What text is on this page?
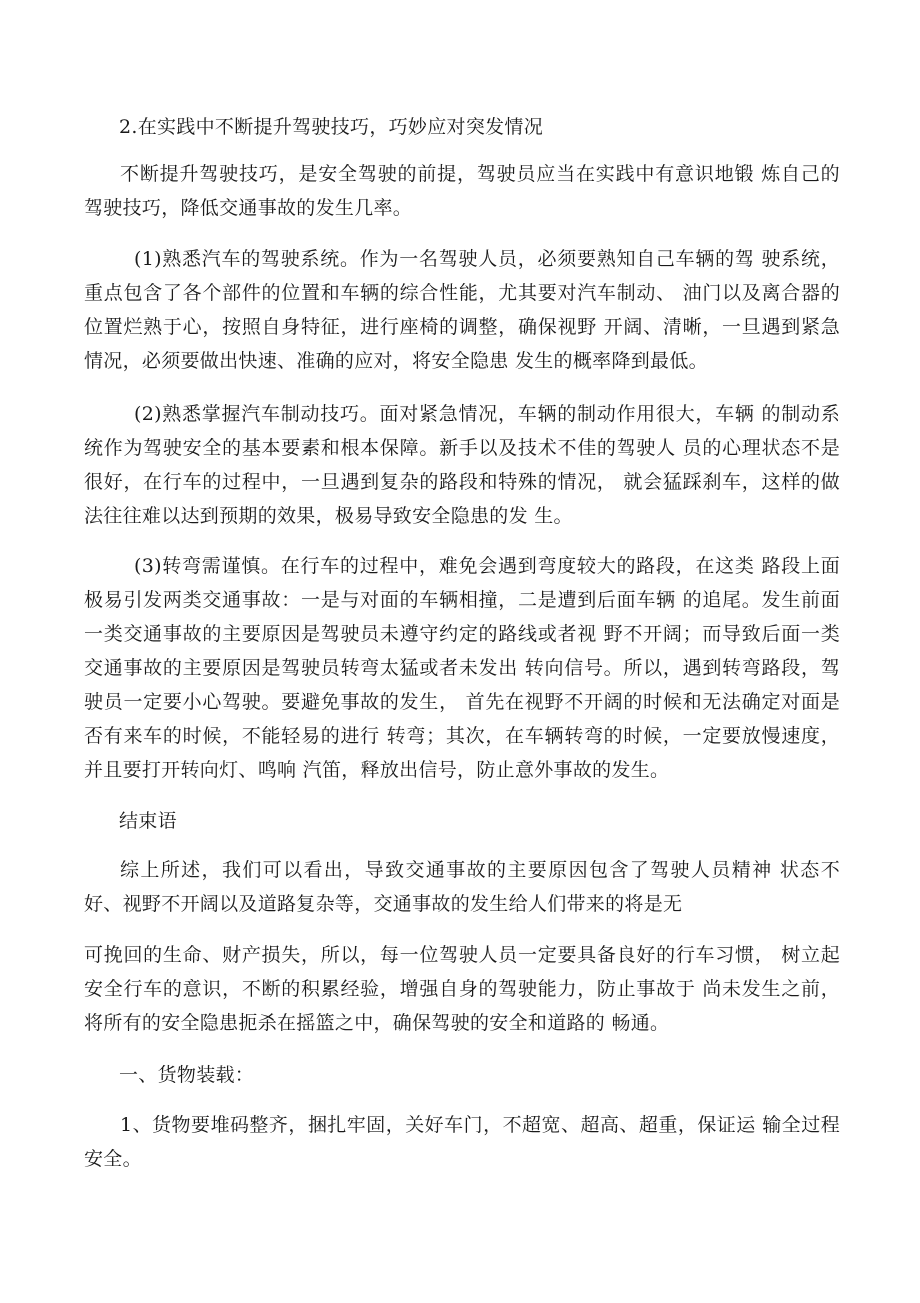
2.在实践中不断提升驾驶技巧，巧妙应对突发情况

不断提升驾驶技巧，是安全驾驶的前提，驾驶员应当在实践中有意识地锻 炼自己的驾驶技巧，降低交通事故的发生几率。

(1)熟悉汽车的驾驶系统。作为一名驾驶人员，必须要熟知自己车辆的驾 驶系统，重点包含了各个部件的位置和车辆的综合性能，尤其要对汽车制动、 油门以及离合器的位置烂熟于心，按照自身特征，进行座椅的调整，确保视野 开阔、清晰，一旦遇到紧急情况，必须要做出快速、准确的应对，将安全隐患 发生的概率降到最低。

(2)熟悉掌握汽车制动技巧。面对紧急情况，车辆的制动作用很大，车辆 的制动系统作为驾驶安全的基本要素和根本保障。新手以及技术不佳的驾驶人 员的心理状态不是很好，在行车的过程中，一旦遇到复杂的路段和特殊的情况， 就会猛踩刹车，这样的做法往往难以达到预期的效果，极易导致安全隐患的发 生。

(3)转弯需谨慎。在行车的过程中，难免会遇到弯度较大的路段，在这类 路段上面极易引发两类交通事故：一是与对面的车辆相撞，二是遭到后面车辆 的追尾。发生前面一类交通事故的主要原因是驾驶员未遵守约定的路线或者视 野不开阔；而导致后面一类交通事故的主要原因是驾驶员转弯太猛或者未发出 转向信号。所以，遇到转弯路段，驾驶员一定要小心驾驶。要避免事故的发生， 首先在视野不开阔的时候和无法确定对面是否有来车的时候，不能轻易的进行 转弯；其次，在车辆转弯的时候，一定要放慢速度，并且要打开转向灯、鸣响 汽笛，释放出信号，防止意外事故的发生。

结束语

综上所述，我们可以看出，导致交通事故的主要原因包含了驾驶人员精神 状态不好、视野不开阔以及道路复杂等，交通事故的发生给人们带来的将是无

可挽回的生命、财产损失，所以，每一位驾驶人员一定要具备良好的行车习惯， 树立起安全行车的意识，不断的积累经验，增强自身的驾驶能力，防止事故于 尚未发生之前，将所有的安全隐患扼杀在摇篮之中，确保驾驶的安全和道路的 畅通。

一、货物装载：

1、货物要堆码整齐，捆扎牢固，关好车门，不超宽、超高、超重，保证运 输全过程安全。
